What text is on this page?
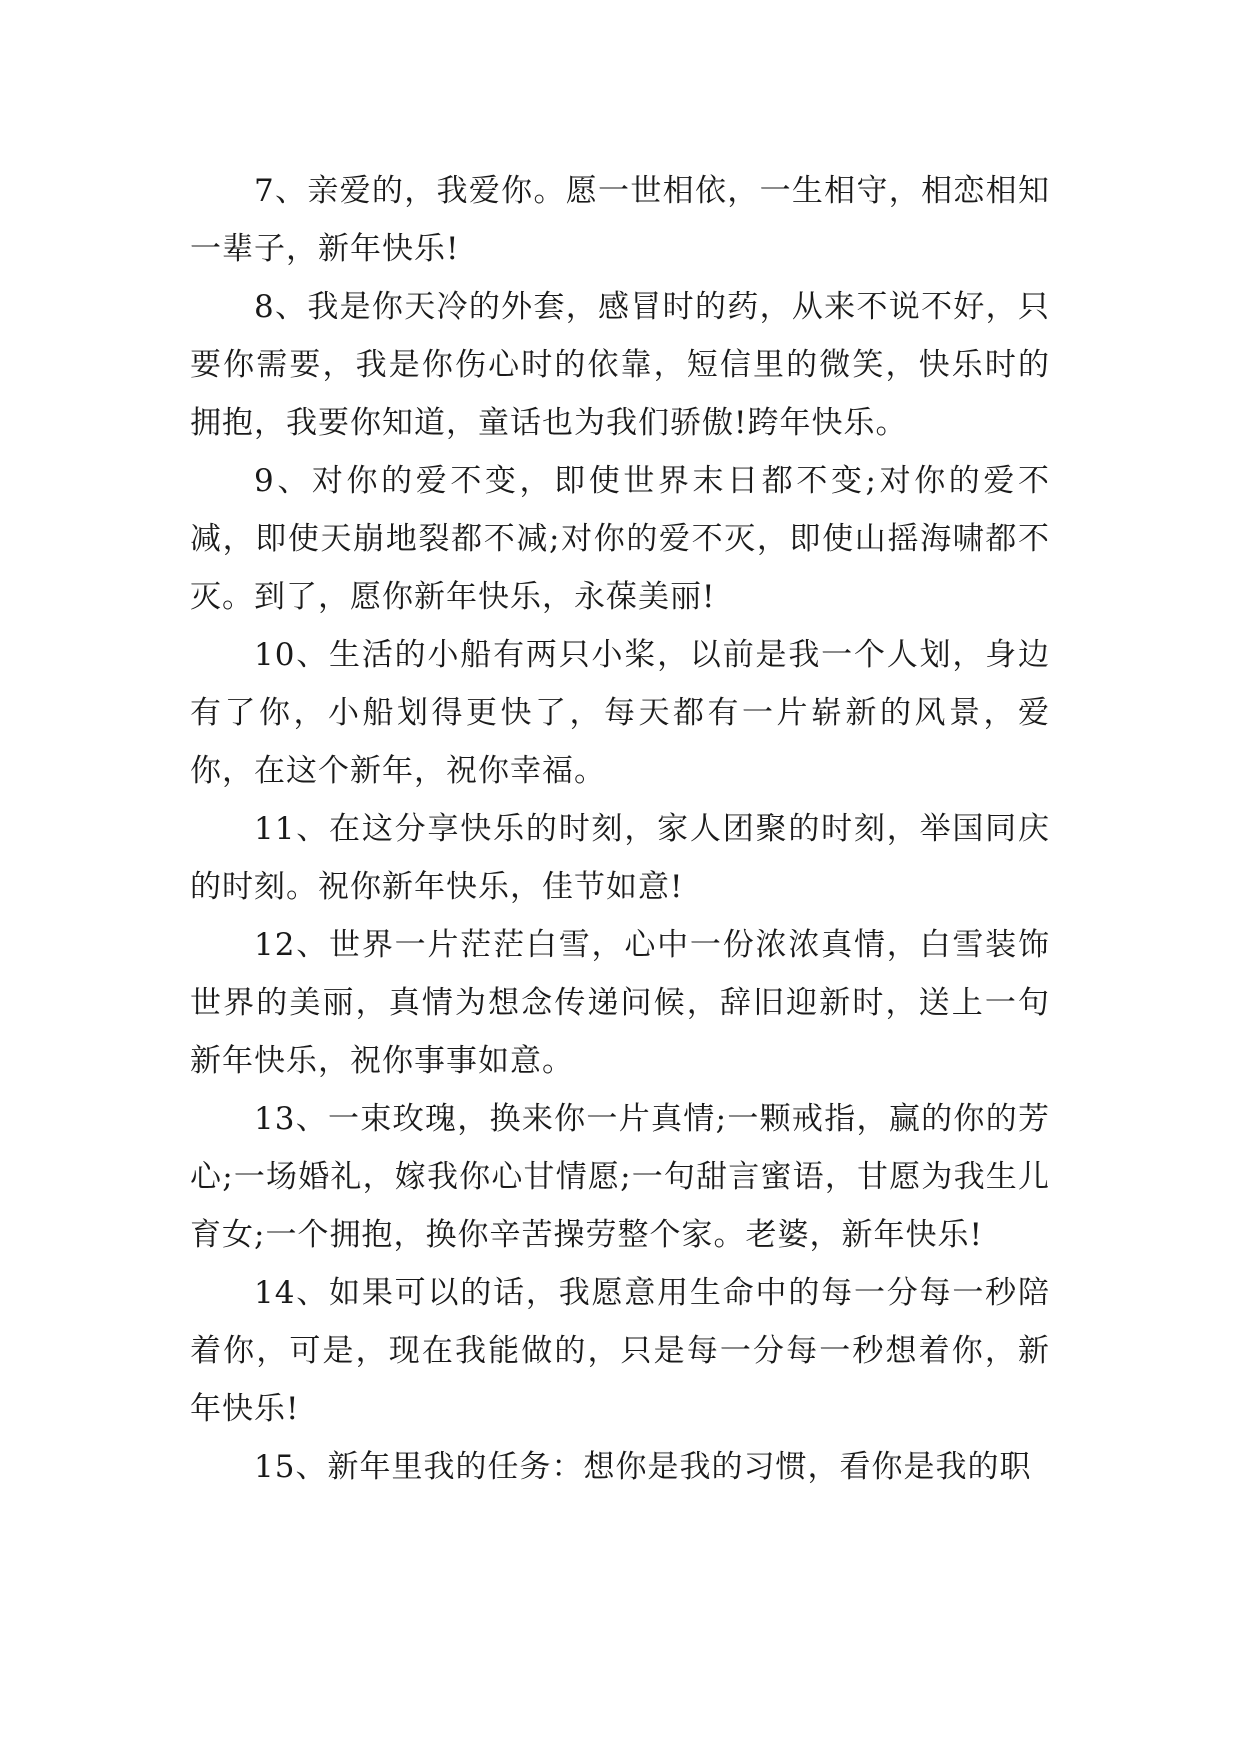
7、亲爱的，我爱你。愿一世相依，一生相守，相恋相知一辈子，新年快乐!

8、我是你天冷的外套，感冒时的药，从来不说不好，只要你需要，我是你伤心时的依靠，短信里的微笑，快乐时的拥抱，我要你知道，童话也为我们骄傲!跨年快乐。

9、对你的爱不变，即使世界末日都不变;对你的爱不减，即使天崩地裂都不减;对你的爱不灭，即使山摇海啸都不灭。到了，愿你新年快乐，永葆美丽!

10、生活的小船有两只小桨，以前是我一个人划，身边有了你，小船划得更快了，每天都有一片崭新的风景，爱你，在这个新年，祝你幸福。

11、在这分享快乐的时刻，家人团聚的时刻，举国同庆的时刻。祝你新年快乐，佳节如意!

12、世界一片茫茫白雪，心中一份浓浓真情，白雪装饰世界的美丽，真情为想念传递问候，辞旧迎新时，送上一句新年快乐，祝你事事如意。

13、一束玫瑰，换来你一片真情;一颗戒指，赢的你的芳心;一场婚礼，嫁我你心甘情愿;一句甜言蜜语，甘愿为我生儿育女;一个拥抱，换你辛苦操劳整个家。老婆，新年快乐!

14、如果可以的话，我愿意用生命中的每一分每一秒陪着你，可是，现在我能做的，只是每一分每一秒想着你，新年快乐!

15、新年里我的任务：想你是我的习惯，看你是我的职
